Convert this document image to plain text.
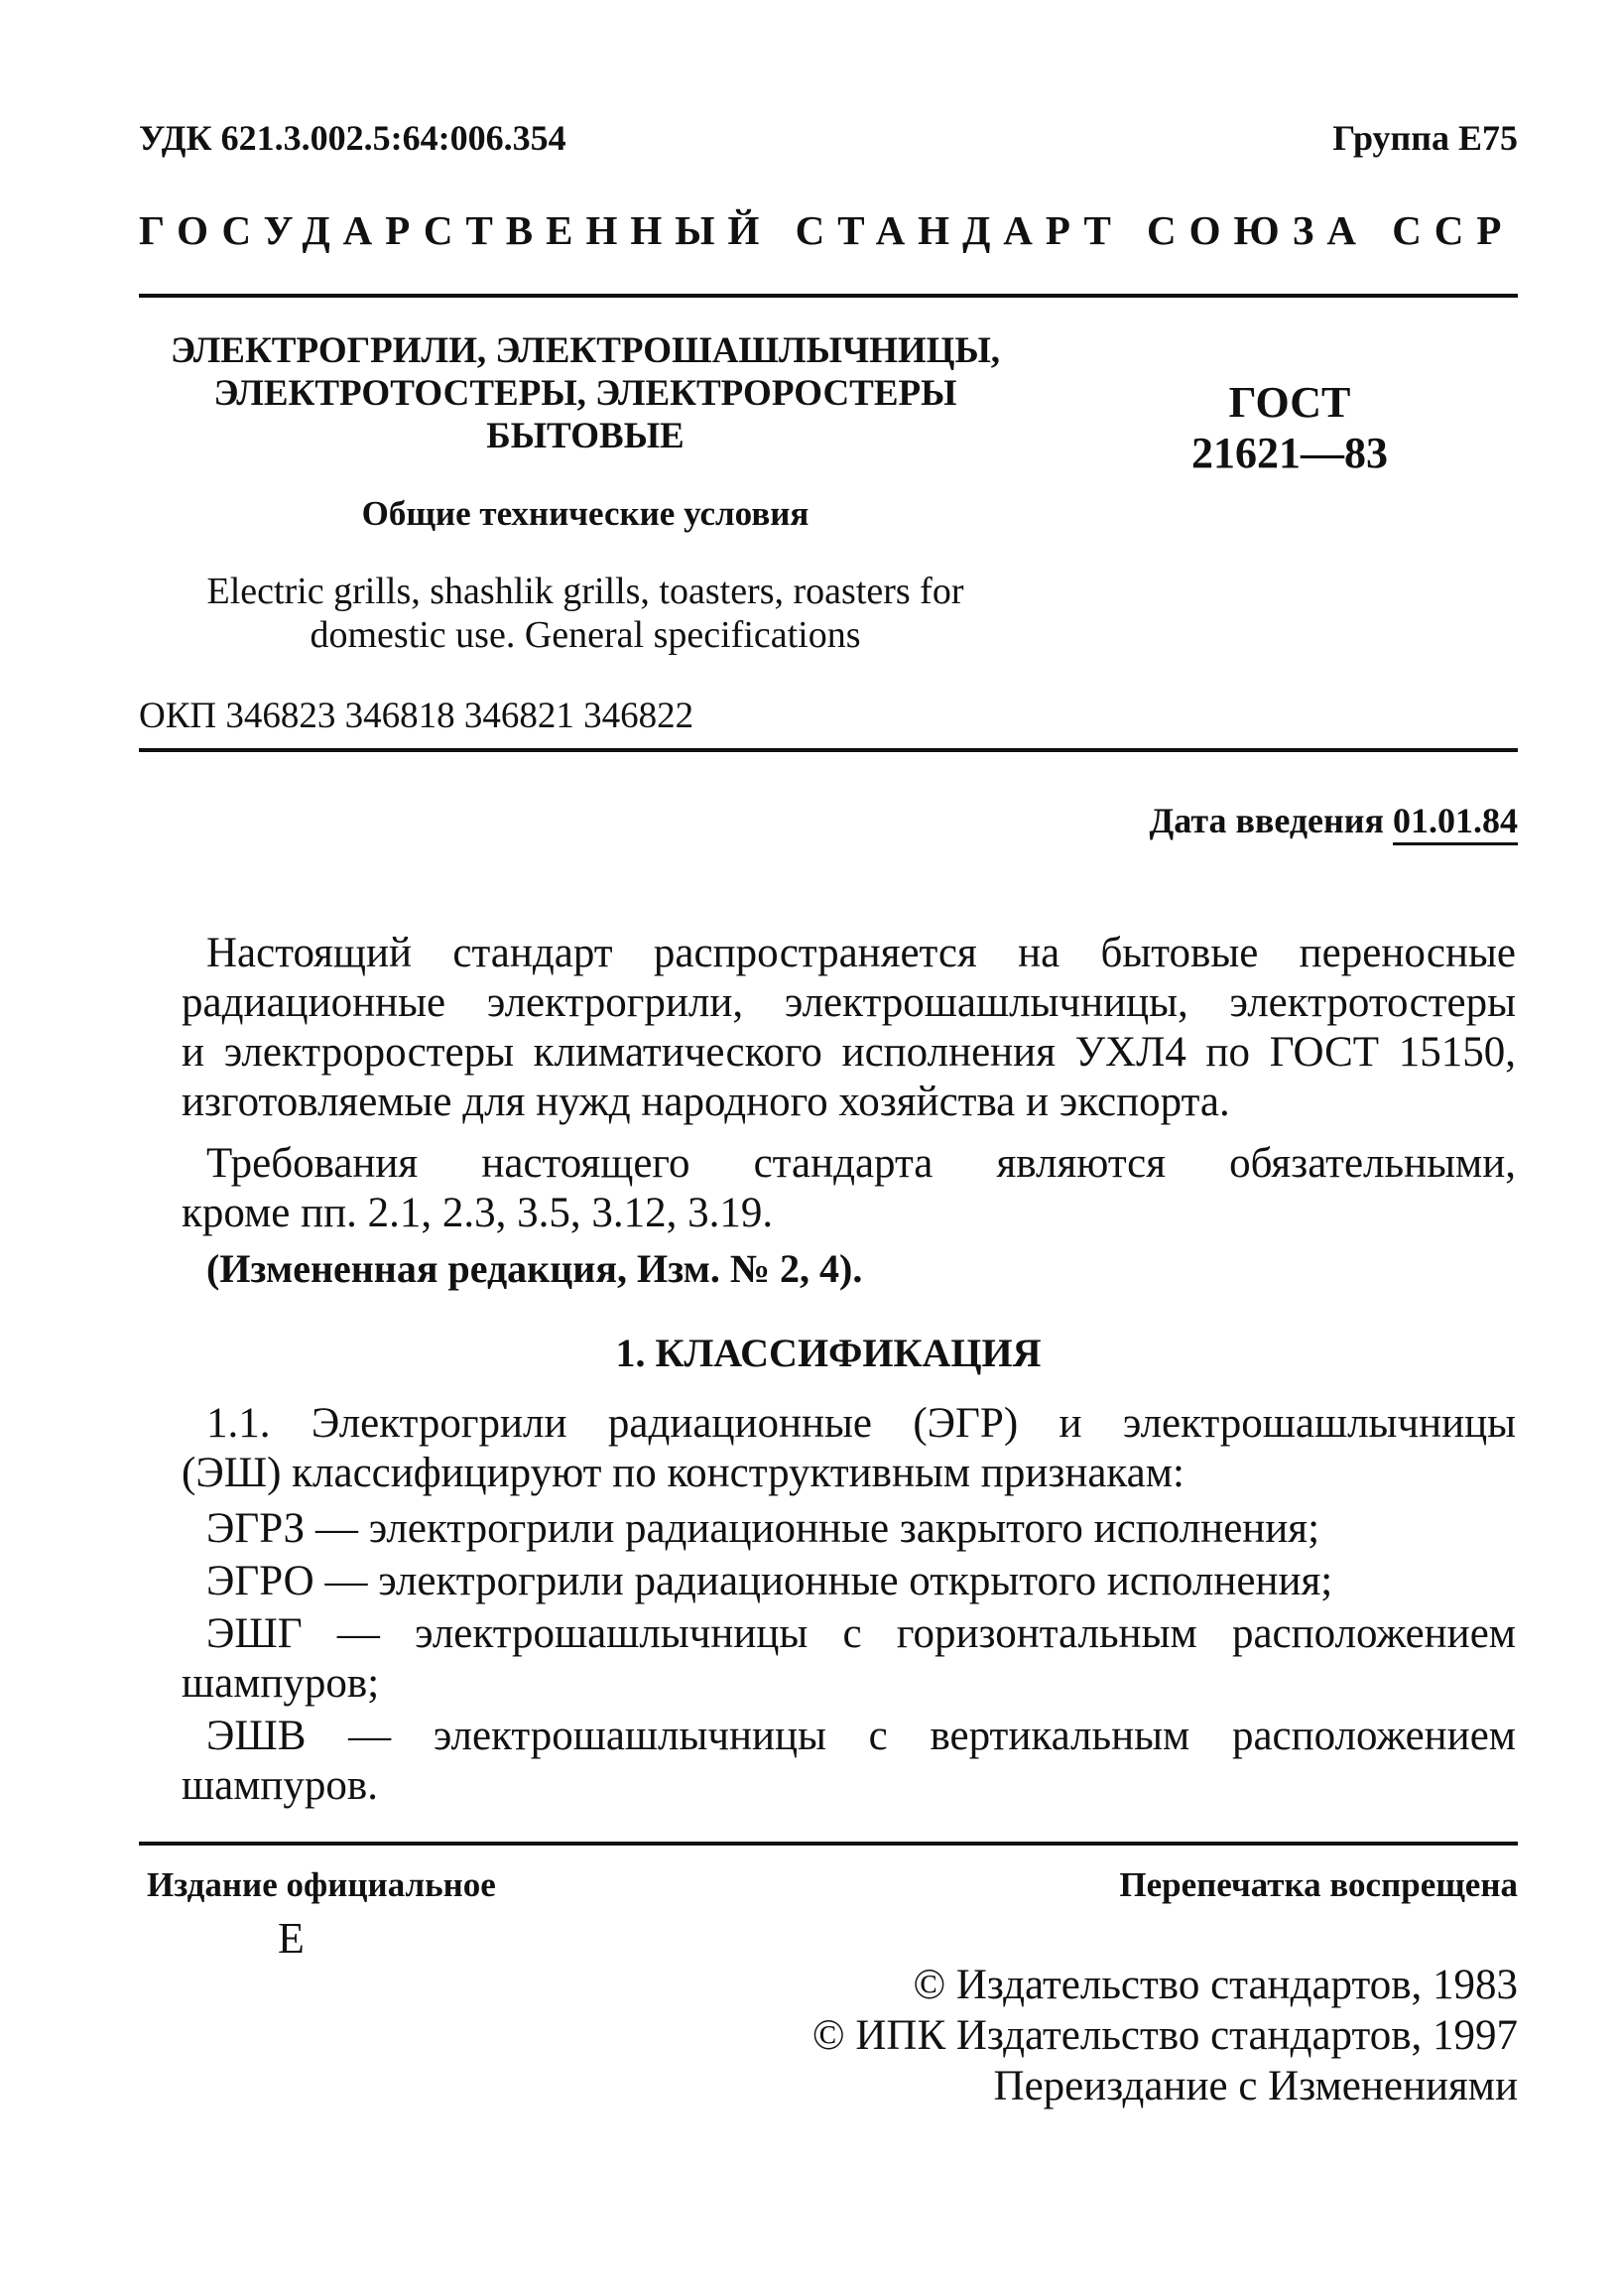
УДК 621.3.002.5:64:006.354	Группа Е75
ГОСУДАРСТВЕННЫЙ СТАНДАРТ СОЮЗА ССР
ЭЛЕКТРОГРИЛИ, ЭЛЕКТРОШАШЛЫЧНИЦЫ,
ЭЛЕКТРОТОСТЕРЫ, ЭЛЕКТРОРОСТЕРЫ
БЫТОВЫЕ
ГОСТ
21621—83
Общие технические условия
Electric grills, shashlik grills, toasters, roasters for
domestic use. General specifications
ОКП 346823 346818 346821 346822
Дата введения 01.01.84
Настоящий стандарт распространяется на бытовые переносные
радиационные электрогрили, электрошашлычницы, электротостеры
и электроростеры климатического исполнения УХЛ4 по ГОСТ 15150,
изготовляемые для нужд народного хозяйства и экспорта.
Требования настоящего стандарта являются обязательными,
кроме пп. 2.1, 2.3, 3.5, 3.12, 3.19.
(Измененная редакция, Изм. № 2, 4).
1. КЛАССИФИКАЦИЯ
1.1. Электрогрили радиационные (ЭГР) и электрошашлычницы
(ЭШ) классифицируют по конструктивным признакам:
ЭГРЗ — электрогрили радиационные закрытого исполнения;
ЭГРО — электрогрили радиационные открытого исполнения;
ЭШГ — электрошашлычницы с горизонтальным расположением
шампуров;
ЭШВ — электрошашлычницы с вертикальным расположением
шампуров.
Издание официальное	Перепечатка воспрещена
Е
© Издательство стандартов, 1983
© ИПК Издательство стандартов, 1997
Переиздание с Изменениями
